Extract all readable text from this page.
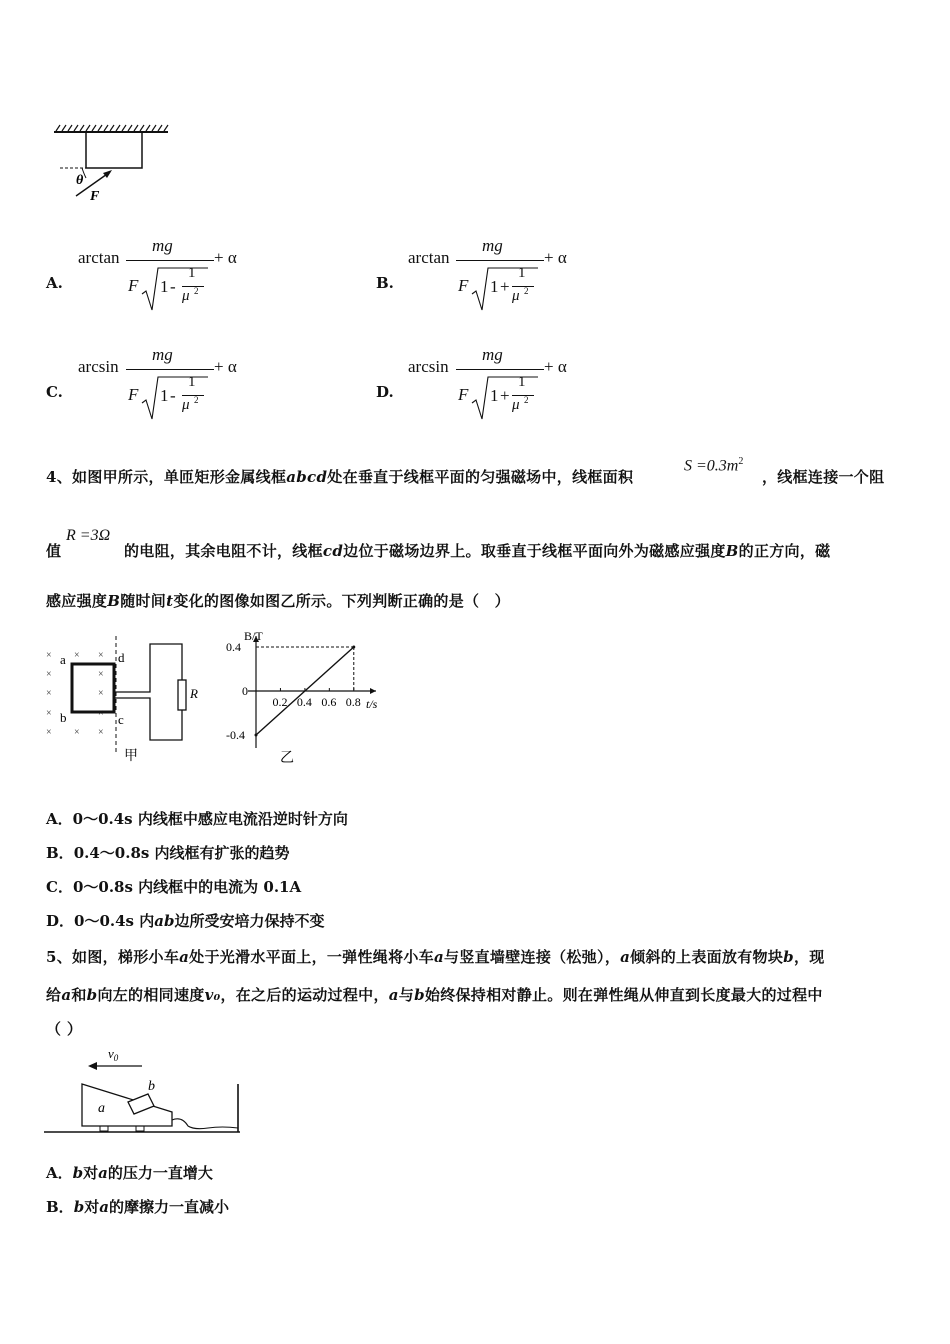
θ
F
A.
arctan
mg
F 1 -
1
μ 2
+ α
B.
arctan
mg
F 1 +
1
μ 2
+ α
C.
arcsin
mg
F 1 -
1
μ 2
+ α
D.
arcsin
mg
F 1 +
1
μ 2
+ α
4、如图甲所示，单匝矩形金属线框abcd处在垂直于线框平面的匀强磁场中，线框面积
$S =0.3m^2$
，线框连接一个阻
值
R =3Ω
的电阻，其余电阻不计，线框cd边位于磁场边界上。取垂直于线框平面向外为磁感应强度B的正方向，磁
感应强度B随时间t变化的图像如图乙所示。下列判断正确的是（　）
× × ×
×	×
× × ×
×
×
×
×
a
b	c
d
R
甲
0.2 0.4 0.6 0.8
0.4
0
-0.4
B/T
t/s
乙
A．0～0.4s 内线框中感应电流沿逆时针方向
B．0.4～0.8s 内线框有扩张的趋势
C．0～0.8s 内线框中的电流为 0.1A
D．0～0.4s 内ab边所受安培力保持不变
5、如图，梯形小车a处于光滑水平面上，一弹性绳将小车a与竖直墙壁连接（松弛），a倾斜的上表面放有物块b，现
给a和b向左的相同速度v₀，在之后的运动过程中，a与b始终保持相对静止。则在弹性绳从伸直到长度最大的过程中
（ ）
$v_0$
a
b
A．b对a的压力一直增大
B．b对a的摩擦力一直减小
